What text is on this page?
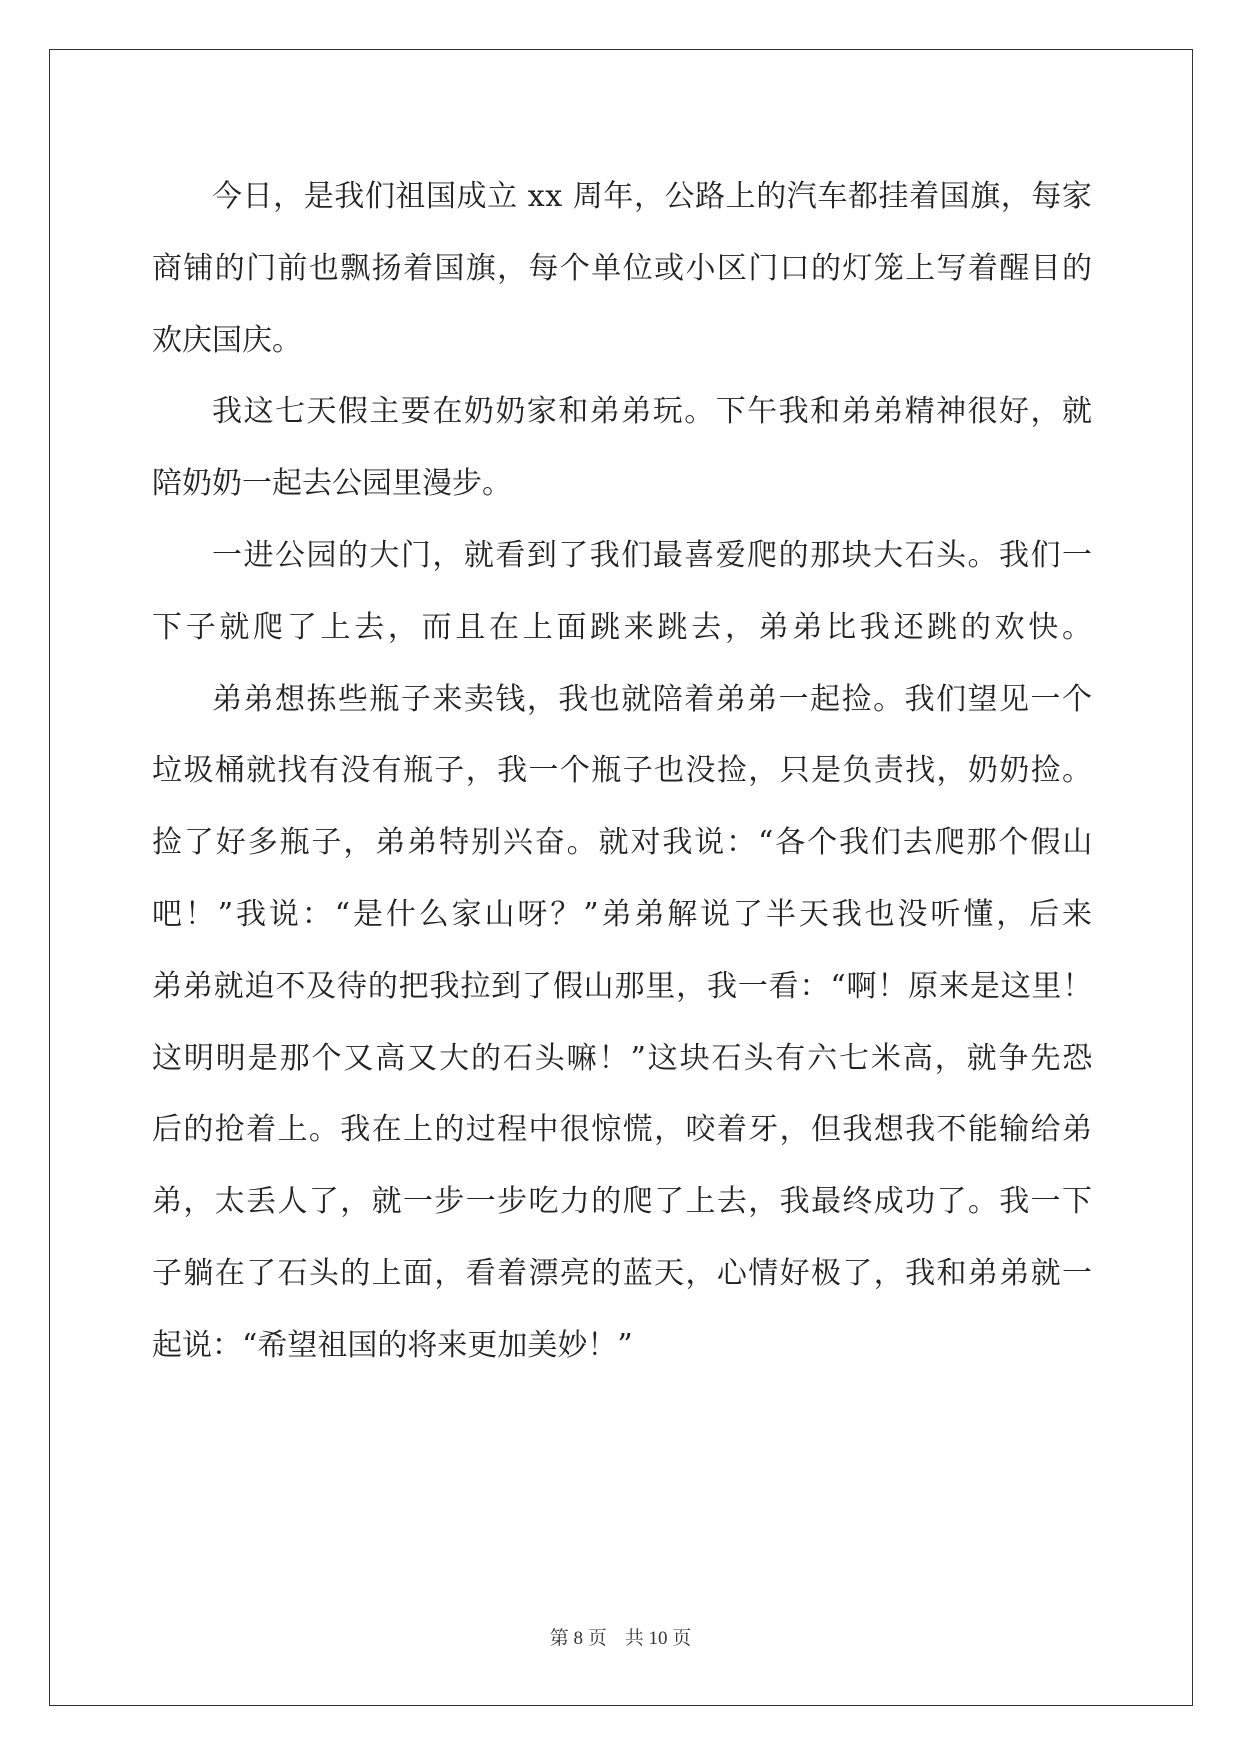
今日，是我们祖国成立 xx 周年，公路上的汽车都挂着国旗，每家
商铺的门前也飘扬着国旗，每个单位或小区门口的灯笼上写着醒目的
欢庆国庆。
我这七天假主要在奶奶家和弟弟玩。下午我和弟弟精神很好，就
陪奶奶一起去公园里漫步。
一进公园的大门，就看到了我们最喜爱爬的那块大石头。我们一
下子就爬了上去，而且在上面跳来跳去，弟弟比我还跳的欢快。
弟弟想拣些瓶子来卖钱，我也就陪着弟弟一起捡。我们望见一个
垃圾桶就找有没有瓶子，我一个瓶子也没捡，只是负责找，奶奶捡。
捡了好多瓶子，弟弟特别兴奋。就对我说：“各个我们去爬那个假山
吧！”我说：“是什么家山呀？”弟弟解说了半天我也没听懂，后来
弟弟就迫不及待的把我拉到了假山那里，我一看：“啊！原来是这里！
这明明是那个又高又大的石头嘛！”这块石头有六七米高，就争先恐
后的抢着上。我在上的过程中很惊慌，咬着牙，但我想我不能输给弟
弟，太丢人了，就一步一步吃力的爬了上去，我最终成功了。我一下
子躺在了石头的上面，看着漂亮的蓝天，心情好极了，我和弟弟就一
起说：“希望祖国的将来更加美妙！”
第 8 页 共 10 页
